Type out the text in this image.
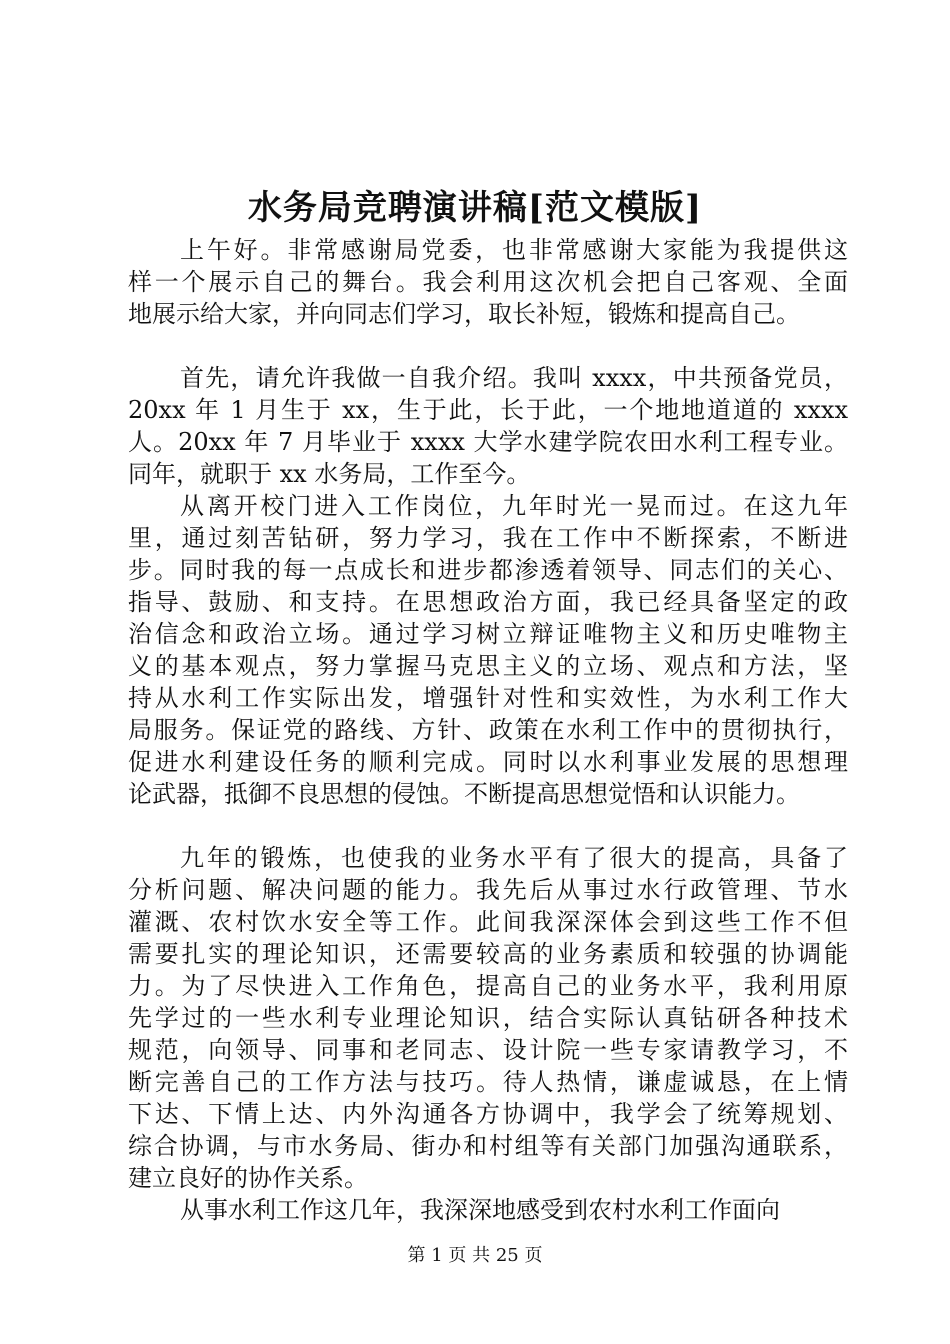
水务局竞聘演讲稿[范文模版]
上午好。非常感谢局党委，也非常感谢大家能为我提供这
样一个展示自己的舞台。我会利用这次机会把自己客观、全面
地展示给大家，并向同志们学习，取长补短，锻炼和提高自己。
首先，请允许我做一自我介绍。我叫 xxxx，中共预备党员，
20xx 年 1 月生于 xx，生于此，长于此，一个地地道道的 xxxx
人。20xx 年 7 月毕业于 xxxx 大学水建学院农田水利工程专业。
同年，就职于 xx 水务局，工作至今。
从离开校门进入工作岗位，九年时光一晃而过。在这九年
里，通过刻苦钻研，努力学习，我在工作中不断探索，不断进
步。同时我的每一点成长和进步都渗透着领导、同志们的关心、
指导、鼓励、和支持。在思想政治方面，我已经具备坚定的政
治信念和政治立场。通过学习树立辩证唯物主义和历史唯物主
义的基本观点，努力掌握马克思主义的立场、观点和方法，坚
持从水利工作实际出发，增强针对性和实效性，为水利工作大
局服务。保证党的路线、方针、政策在水利工作中的贯彻执行，
促进水利建设任务的顺利完成。同时以水利事业发展的思想理
论武器，抵御不良思想的侵蚀。不断提高思想觉悟和认识能力。
九年的锻炼，也使我的业务水平有了很大的提高，具备了
分析问题、解决问题的能力。我先后从事过水行政管理、节水
灌溉、农村饮水安全等工作。此间我深深体会到这些工作不但
需要扎实的理论知识，还需要较高的业务素质和较强的协调能
力。为了尽快进入工作角色，提高自己的业务水平，我利用原
先学过的一些水利专业理论知识，结合实际认真钻研各种技术
规范，向领导、同事和老同志、设计院一些专家请教学习，不
断完善自己的工作方法与技巧。待人热情，谦虚诚恳，在上情
下达、下情上达、内外沟通各方协调中，我学会了统筹规划、
综合协调，与市水务局、街办和村组等有关部门加强沟通联系，
建立良好的协作关系。
从事水利工作这几年，我深深地感受到农村水利工作面向
第 1 页 共 25 页
